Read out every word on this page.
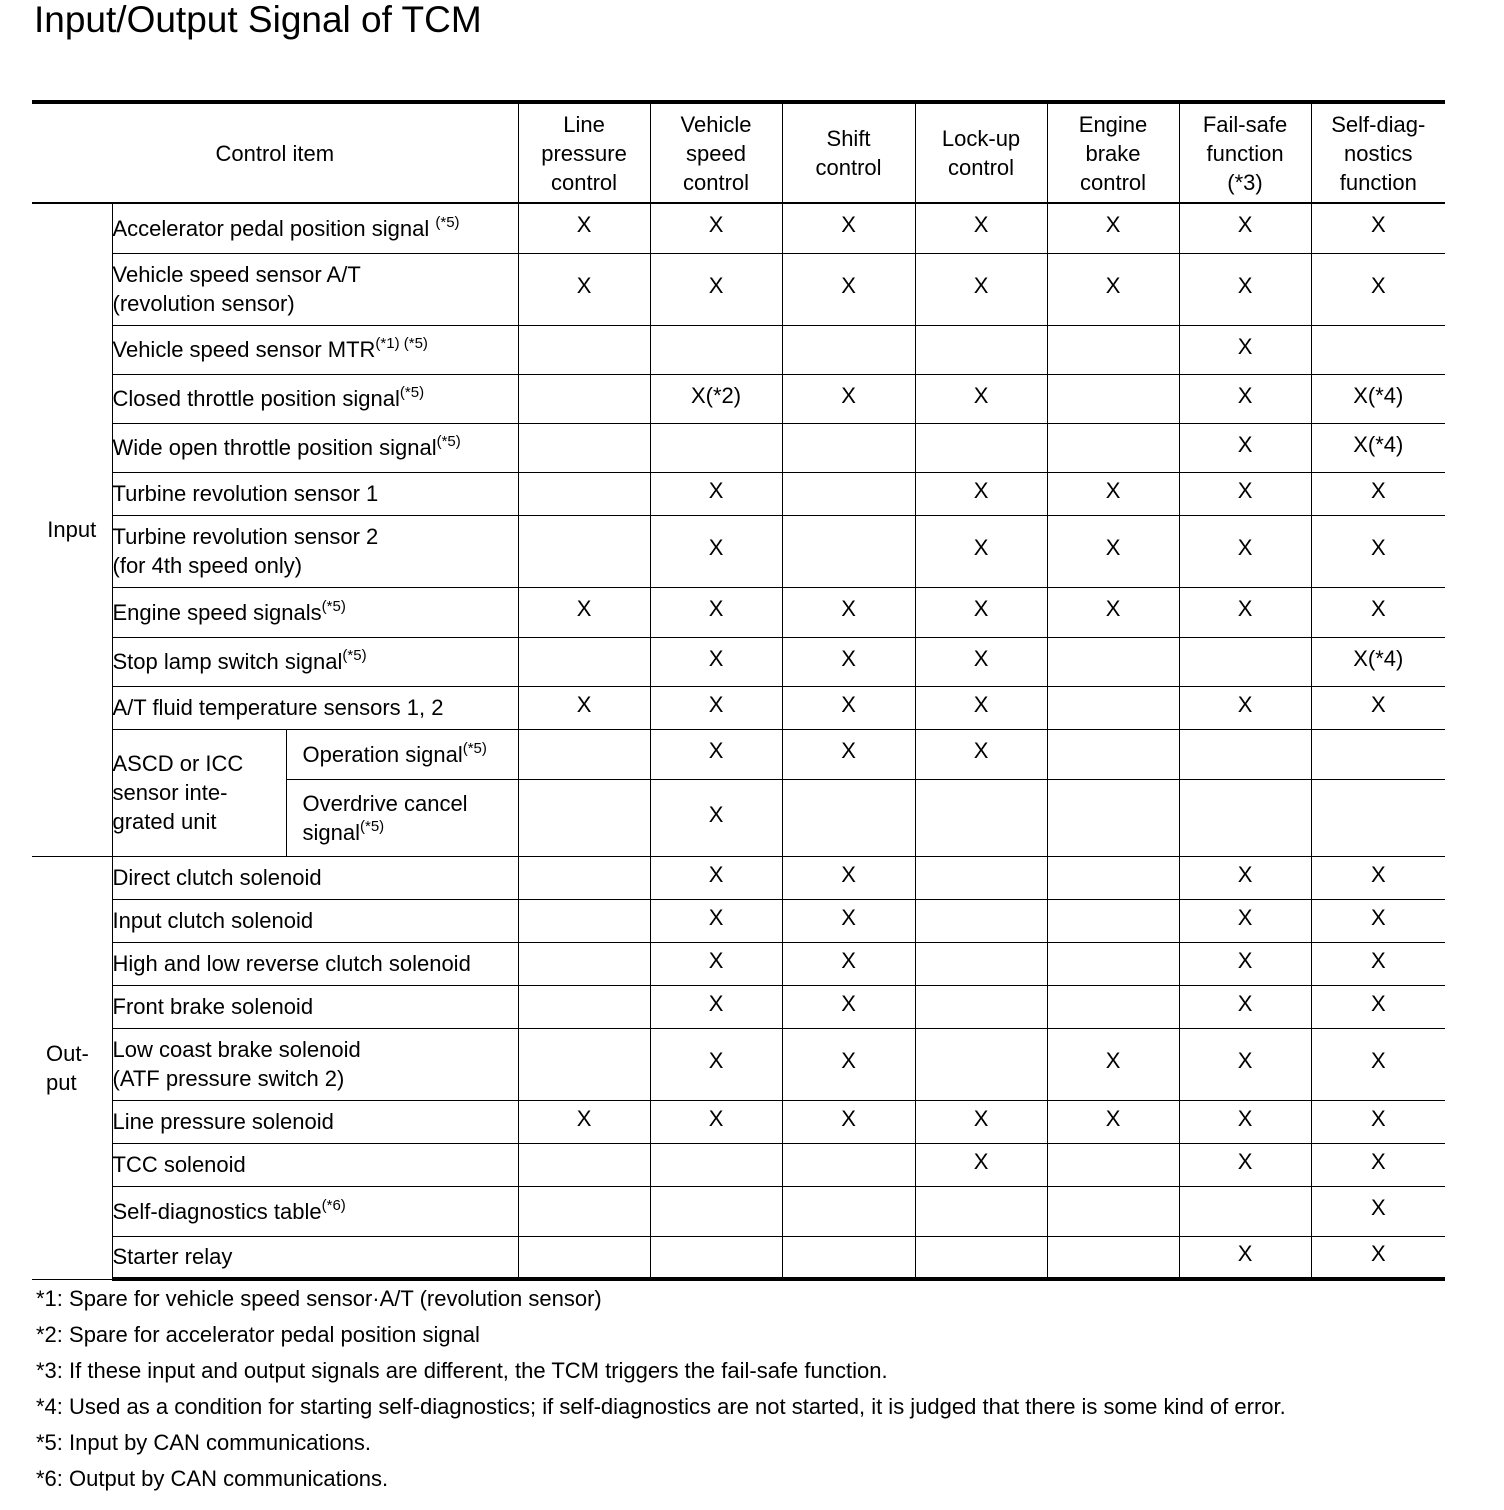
Input/Output Signal of TCM
Control item			Line
pressure
control	Vehicle
speed
control	Shift
control	Lock-up
control	Engine
brake
control	Fail-safe
function
(*3)	Self-diag-
nostics
function
Input	Accelerator pedal position signal $^{(*5)}$		X	X	X	X	X	X	X
	Vehicle speed sensor A/T
(revolution sensor)		X	X	X	X	X	X	X
	Vehicle speed sensor $MTR^{(*1) (*5)}$							X	
	Closed throttle position signal$^{(*5)}$			X(*2)	X	X		X	X(*4)
	Wide open throttle position signal$^{(*5)}$							X	X(*4)
	Turbine revolution sensor 1			X		X	X	X	X
	Turbine revolution sensor 2
(for 4th speed only)			X		X	X	X	X
	Engine speed signals$^{(*5)}$		X	X	X	X	X	X	X
	Stop lamp switch signal$^{(*5)}$			X	X	X			X(*4)
	A/T fluid temperature sensors 1, 2		X	X	X	X		X	X
	ASCD or ICC
sensor inte-
grated unit	Operation signal$^{(*5)}$		X	X	X			
		Overdrive cancel
signal$^{(*5)}$		X					
Out-
put	Direct clutch solenoid			X	X			X	X
	Input clutch solenoid			X	X			X	X
	High and low reverse clutch solenoid			X	X			X	X
	Front brake solenoid			X	X			X	X
	Low coast brake solenoid
(ATF pressure switch 2)			X	X		X	X	X
	Line pressure solenoid		X	X	X	X	X	X	X
	TCC solenoid					X		X	X
	Self-diagnostics table$^{(*6)}$								X
	Starter relay							X	X
*1: Spare for vehicle speed sensor·A/T (revolution sensor)
*2: Spare for accelerator pedal position signal
*3: If these input and output signals are different, the TCM triggers the fail-safe function.
*4: Used as a condition for starting self-diagnostics; if self-diagnostics are not started, it is judged that there is some kind of error.
*5: Input by CAN communications.
*6: Output by CAN communications.
